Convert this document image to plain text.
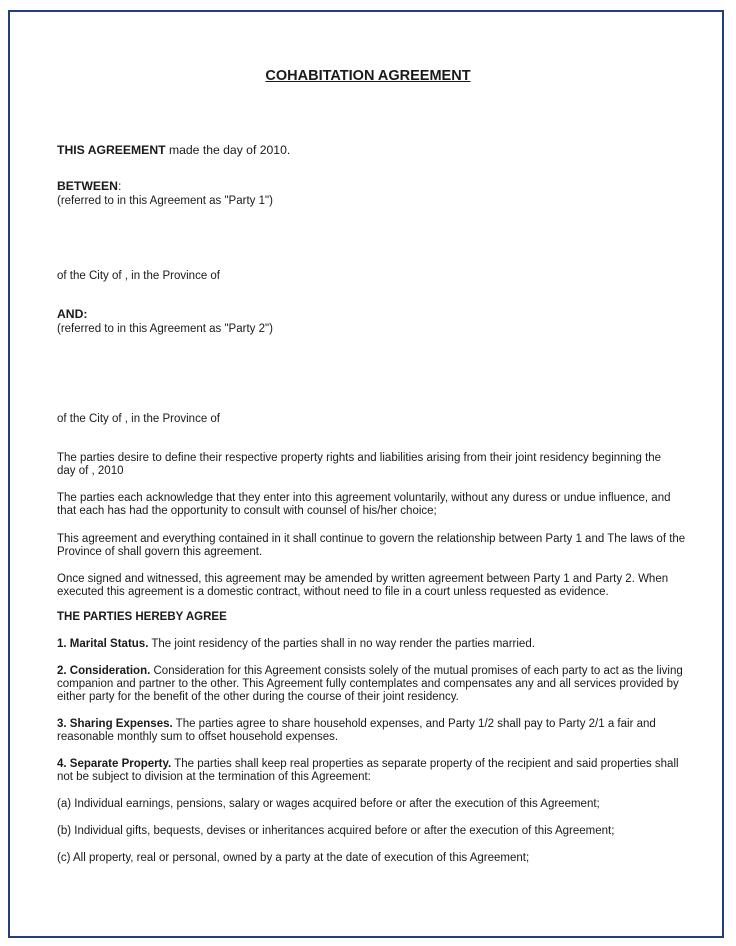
COHABITATION AGREEMENT

THIS AGREEMENT made the day of 2010.

BETWEEN:

(referred to in this Agreement as "Party 1")

of the City of , in the Province of

AND:

(referred to in this Agreement as "Party 2")

of the City of , in the Province of

The parties desire to define their respective property rights and liabilities arising from their joint residency beginning the

day of , 2010

The parties each acknowledge that they enter into this agreement voluntarily, without any duress or undue influence, and

that each has had the opportunity to consult with counsel of his/her choice;

This agreement and everything contained in it shall continue to govern the relationship between Party 1 and The laws of the

Province of shall govern this agreement.

Once signed and witnessed, this agreement may be amended by written agreement between Party 1 and Party 2. When

executed this agreement is a domestic contract, without need to file in a court unless requested as evidence.

THE PARTIES HEREBY AGREE

1. Marital Status. The joint residency of the parties shall in no way render the parties married.

2. Consideration. Consideration for this Agreement consists solely of the mutual promises of each party to act as the living

companion and partner to the other. This Agreement fully contemplates and compensates any and all services provided by

either party for the benefit of the other during the course of their joint residency.

3. Sharing Expenses. The parties agree to share household expenses, and Party 1/2 shall pay to Party 2/1 a fair and

reasonable monthly sum to offset household expenses.

4. Separate Property. The parties shall keep real properties as separate property of the recipient and said properties shall

not be subject to division at the termination of this Agreement:

(a) Individual earnings, pensions, salary or wages acquired before or after the execution of this Agreement;

(b) Individual gifts, bequests, devises or inheritances acquired before or after the execution of this Agreement;

(c) All property, real or personal, owned by a party at the date of execution of this Agreement;
